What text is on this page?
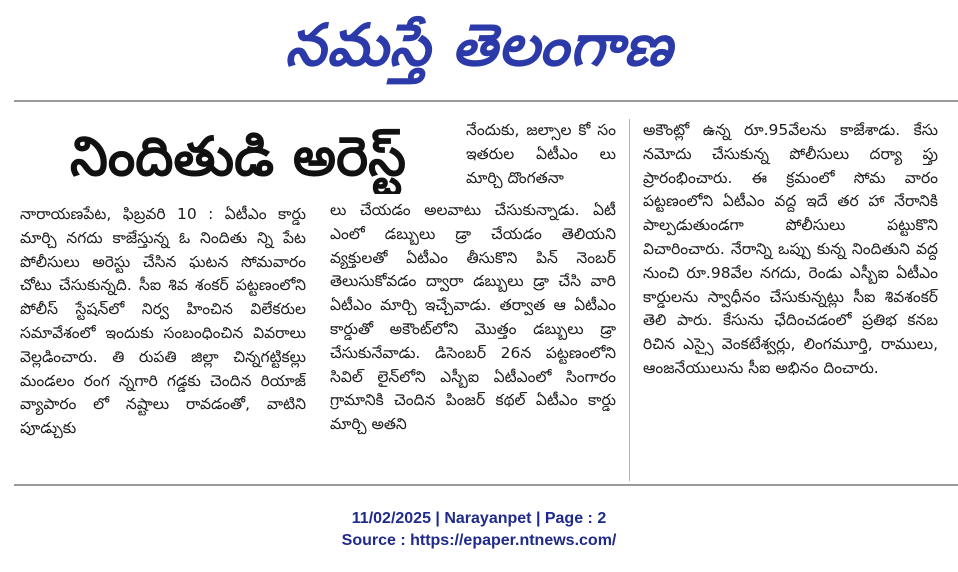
నమస్తే తెలంగాణ
నిందితుడి అరెస్ట్

నారాయణపేట, ఫిబ్రవరి 10 : ఏటీఎం కార్డు మార్చి నగదు కాజేస్తున్న ఓ నిందితు న్ని పేట పోలీసులు అరెస్టు చేసిన ఘటన సోమవారం చోటు చేసుకున్నది. సీఐ శివ శంకర్ పట్టణంలోని పోలీస్ స్టేషన్‌లో నిర్వ హించిన విలేకరుల సమావేశంలో ఇందుకు సంబంధించిన వివరాలు వెల్లడించారు. తి రుపతి జిల్లా చిన్నగట్టికల్లు మండలం రంగ న్నగారి గడ్డకు చెందిన రియాజ్ వ్యాపారం లో నష్టాలు రావడంతో, వాటిని పూడ్చుకు

నేందుకు, జల్సాల కో సం ఇతరుల ఏటీఎం లు మార్చి దొంగతనా

లు చేయడం అలవాటు చేసుకున్నాడు. ఏటీ ఎంలో డబ్బులు డ్రా చేయడం తెలియని వ్యక్తులతో ఏటీఎం తీసుకొని పిన్ నెంబర్ తెలుసుకోవడం ద్వారా డబ్బులు డ్రా చేసి వారి ఏటీఎం మార్చి ఇచ్చేవాడు. తర్వాత ఆ ఏటీఎం కార్డుతో అకౌంట్‌లోని మొత్తం డబ్బులు డ్రా చేసుకునేవాడు. డిసెంబర్ 26న పట్టణంలోని సివిల్ లైన్‌లోని ఎస్బీఐ ఏటీఎంలో సింగారం గ్రామానికి చెందిన పింజర్ కథల్ ఏటీఎం కార్డు మార్చి అతని

అకౌంట్లో ఉన్న రూ.95వేలను కాజేశాడు. కేసు నమోదు చేసుకున్న పోలీసులు దర్యా ప్తు ప్రారంభించారు. ఈ క్రమంలో సోమ వారం పట్టణంలోని ఏటీఎం వద్ద ఇదే తర హా నేరానికి పాల్పడుతుండగా పోలీసులు పట్టుకొని విచారించారు. నేరాన్ని ఒప్పు కున్న నిందితుని వద్ద నుంచి రూ.98వేల నగదు, రెండు ఎస్బీఐ ఏటీఎం కార్డులను స్వాధీనం చేసుకున్నట్లు సీఐ శివశంకర్ తెలి పారు. కేసును ఛేదించడంలో ప్రతిభ కనబ రిచిన ఎస్సై వెంకటేశ్వర్లు, లింగమూర్తి, రాములు, ఆంజనేయులును సీఐ అభినం దించారు.

11/02/2025 | Narayanpet | Page : 2
Source : https://epaper.ntnews.com/
